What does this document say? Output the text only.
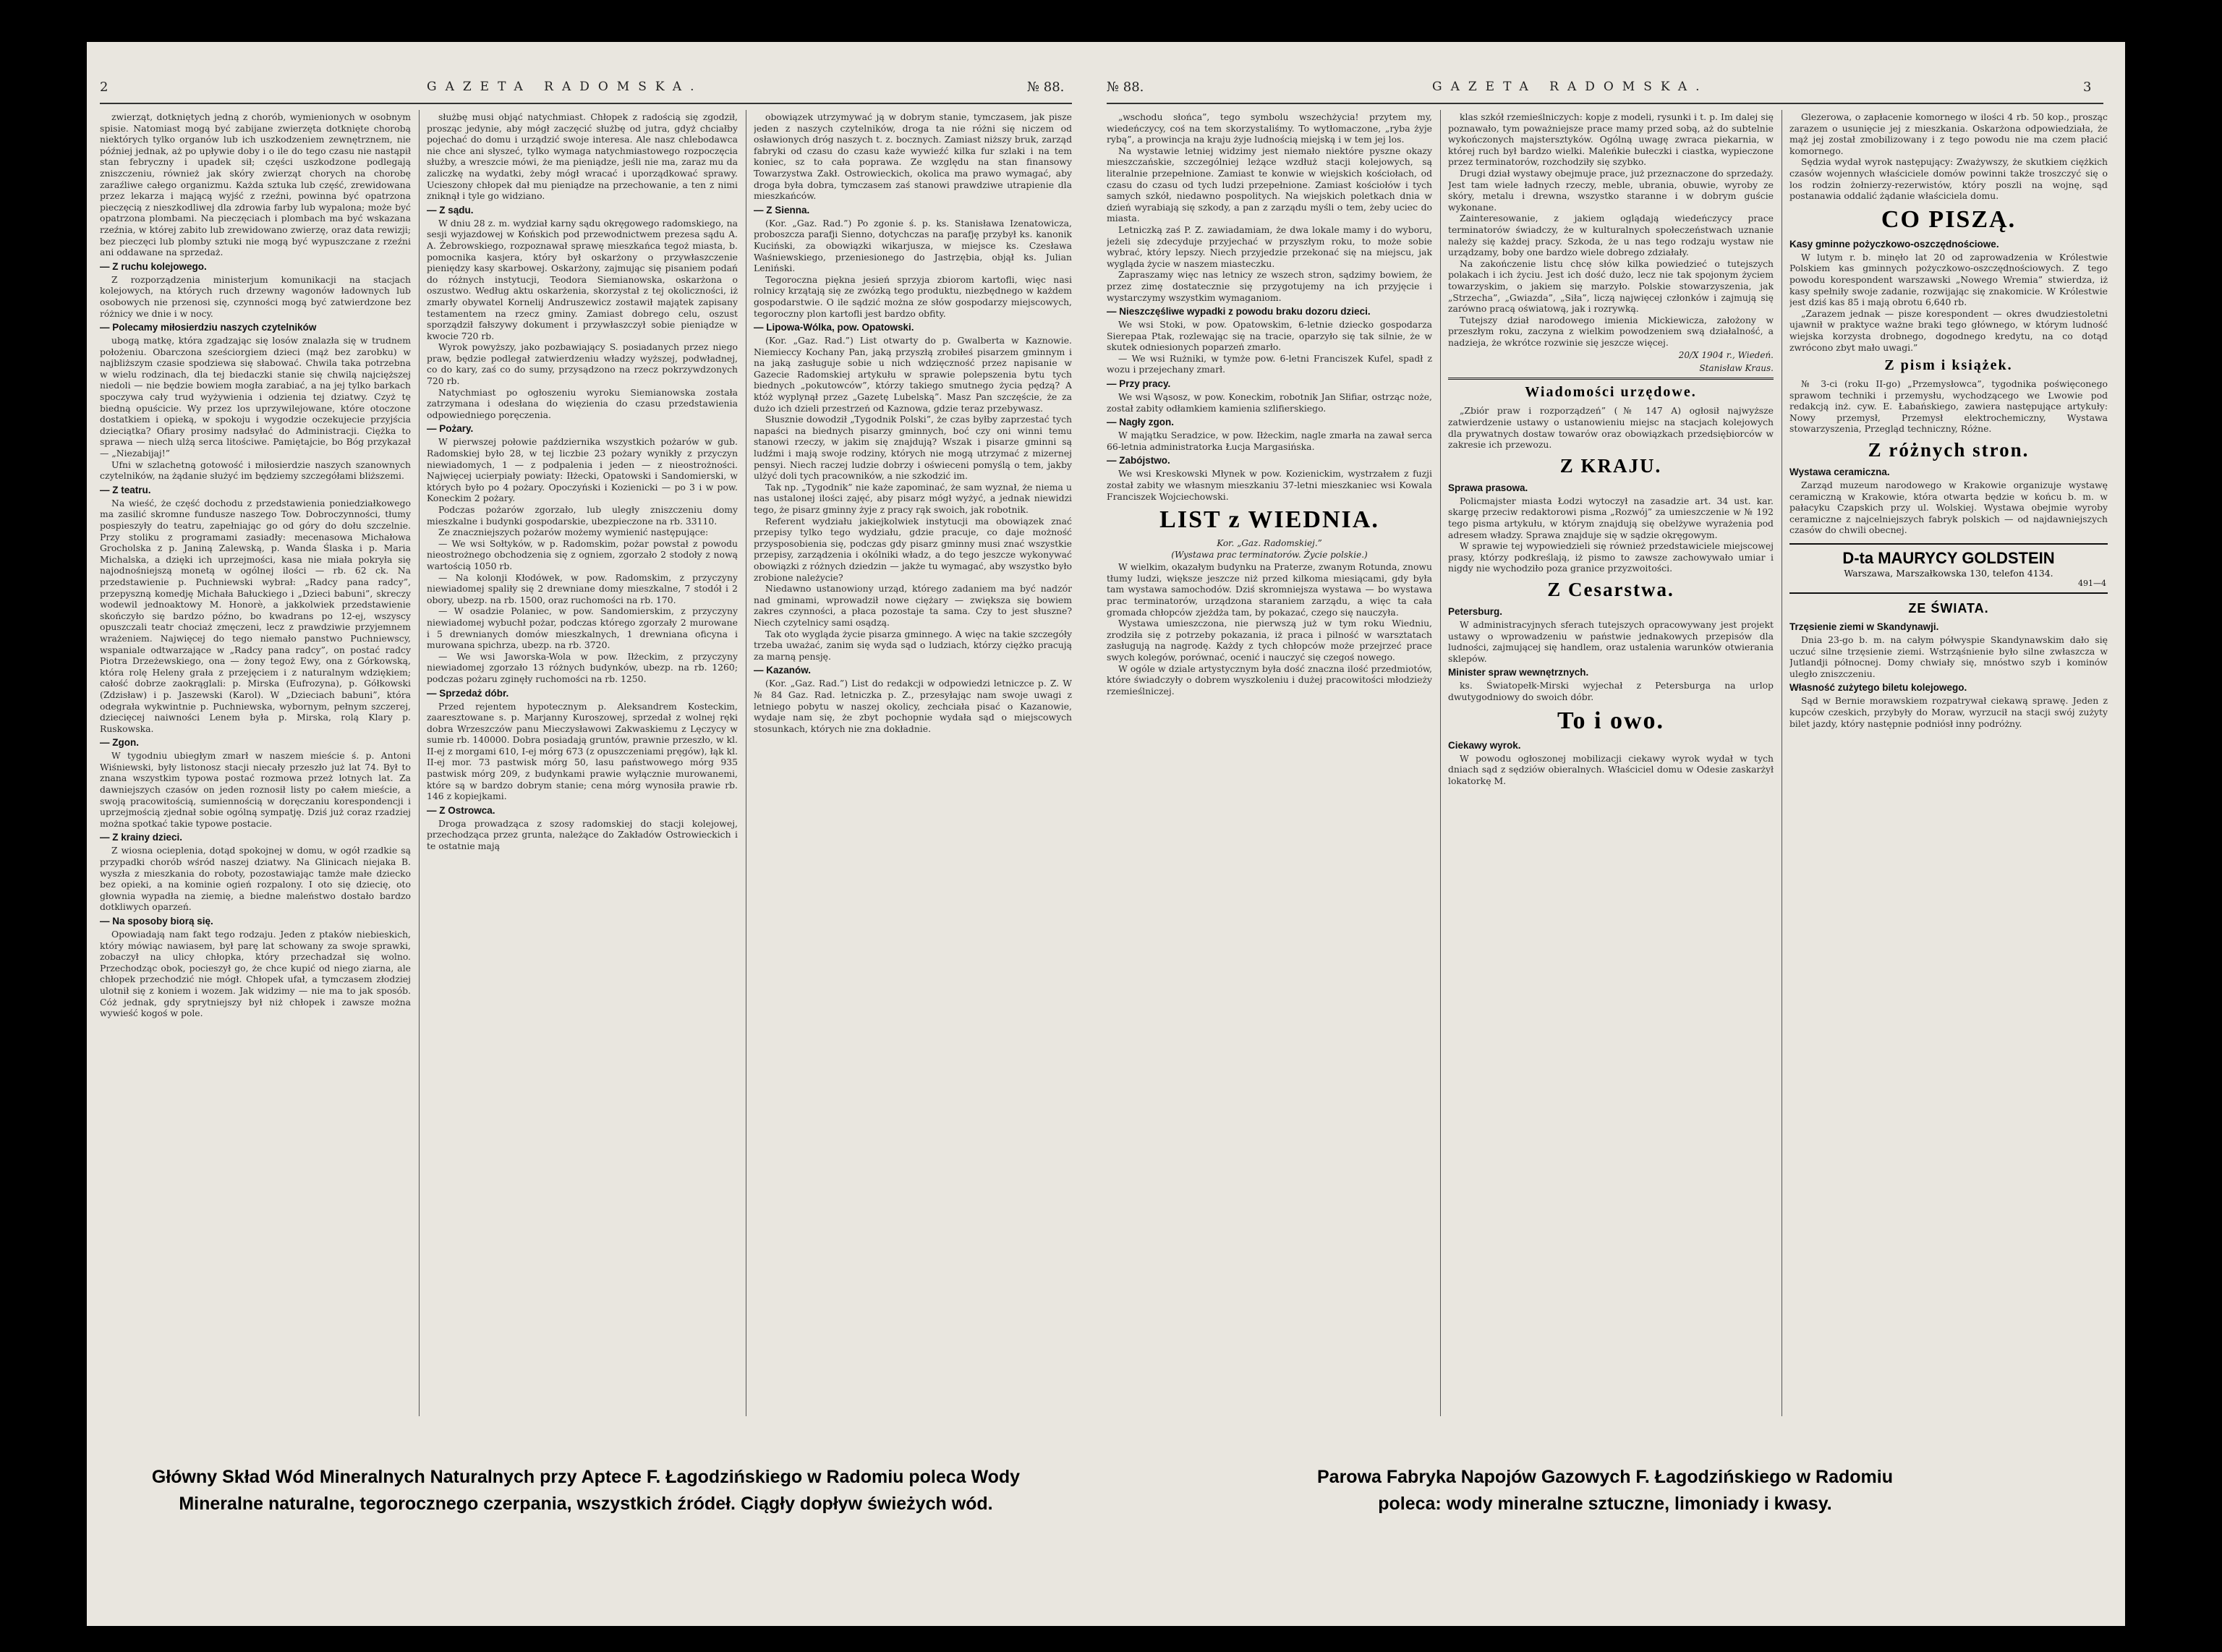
2	GAZETA RADOMSKA.	№ 88.

zwierząt, dotkniętych jedną z chorób, wymienionych w osobnym spisie. Natomiast mogą być zabijane zwierzęta dotknięte chorobą niektórych tylko organów lub ich uszkodzeniem zewnętrznem, nie później jednak, aż po upływie doby i o ile do tego czasu nie nastąpił stan febryczny i upadek sił; części uszkodzone podlegają zniszczeniu, również jak skóry zwierząt chorych na chorobę zaraźliwe całego organizmu. Każda sztuka lub część, zrewidowana przez lekarza i mającą wyjść z rzeźni, powinna być opatrzona pieczęcią z nieszkodliwej dla zdrowia farby lub wypalona; może być opatrzona plombami. Na pieczęciach i plombach ma być wskazana rzeźnia, w której zabito lub zrewidowano zwierzę, oraz data rewizji; bez pieczęci lub plomby sztuki nie mogą być wypuszczane z rzeźni ani oddawane na sprzedaż.

— Z ruchu kolejowego.

Z rozporządzenia ministerjum komunikacji na stacjach kolejowych, na których ruch drzewny wagonów ładownych lub osobowych nie przenosi się, czynności mogą być zatwierdzone bez różnicy we dnie i w nocy.

— Polecamy miłosierdziu naszych czytelników

ubogą matkę, która zgadzając się losów znalazła się w trudnem położeniu. Obarczona sześciorgiem dzieci (mąż bez zarobku) w najbliższym czasie spodziewa się słabować. Chwila taka potrzebna w wielu rodzinach, dla tej biedaczki stanie się chwilą najcięższej niedoli — nie będzie bowiem mogła zarabiać, a na jej tylko barkach spoczywa cały trud wyżywienia i odzienia tej dziatwy. Czyż tę biedną opuścicie. Wy przez los uprzywilejowane, które otoczone dostatkiem i opieką, w spokoju i wygodzie oczekujecie przyjścia dzieciątka? Ofiary prosimy nadsyłać do Administracji. Ciężka to sprawa — niech ulżą serca litościwe. Pamiętajcie, bo Bóg przykazał — „Niezabijaj!”

Ufni w szlachetną gotowość i miłosierdzie naszych szanownych czytelników, na żądanie służyć im będziemy szczegółami bliższemi.

— Z teatru.

Na wieść, że część dochodu z przedstawienia poniedziałkowego ma zasilić skromne fundusze naszego Tow. Dobroczynności, tłumy pospieszyły do teatru, zapełniając go od góry do dołu szczelnie. Przy stoliku z programami zasiadły: mecenasowa Michałowa Grocholska z p. Janiną Zalewską, p. Wanda Ślaska i p. Maria Michalska, a dzięki ich uprzejmości, kasa nie miała pokryła się najodnośniejszą monetą w ogólnej ilości — rb. 62 ck. Na przedstawienie p. Puchniewski wybrał: „Radcy pana radcy”, przepyszną komedję Michała Bałuckiego i „Dzieci babuni”, skreczy wodewil jednoaktowy M. Honorè, a jakkolwiek przedstawienie skończyło się bardzo późno, bo kwadrans po 12-ej, wszyscy opuszczali teatr chociaż zmęczeni, lecz z prawdziwie przyjemnem wrażeniem. Najwięcej do tego niemało panstwo Puchniewscy, wspaniale odtwarzające w „Radcy pana radcy”, on postać radcy Piotra Drzeżewskiego, ona — żony tegoż Ewy, ona z Górkowską, która rolę Heleny grała z przejęciem i z naturalnym wdziękiem; całość dobrze zaokrąglali: p. Mirska (Eufrozyna), p. Gółkowski (Zdzisław) i p. Jaszewski (Karol). W „Dzieciach babuni”, która odegrała wykwintnie p. Puchniewska, wybornym, pełnym szczerej, dziecięcej naiwności Lenem była p. Mirska, rolą Klary p. Ruskowska.

— Zgon.

W tygodniu ubiegłym zmarł w naszem mieście ś. p. Antoni Wiśniewski, były listonosz stacji niecały przeszło już lat 74. Był to znana wszystkim typowa postać rozmowa przeż lotnych lat. Za dawniejszych czasów on jeden roznosił listy po całem mieście, a swoją pracowitością, sumiennością w doręczaniu korespondencji i uprzejmością zjednał sobie ogólną sympatję. Dziś już coraz rzadziej można spotkać takie typowe postacie.

— Z krainy dzieci.

Z wiosna ocieplenia, dotąd spokojnej w domu, w ogół rzadkie są przypadki chorób wśród naszej dziatwy. Na Glinicach niejaka B. wyszła z mieszkania do roboty, pozostawiając tamże małe dziecko bez opieki, a na kominie ogień rozpalony. I oto się dziecię, oto głownia wypadła na ziemię, a biedne maleństwo dostało bardzo dotkliwych oparzeń.

— Na sposoby biorą się.

Opowiadają nam fakt tego rodzaju. Jeden z ptaków niebieskich, który mówiąc nawiasem, był parę lat schowany za swoje sprawki, zobaczył na ulicy chłopka, który przechadzał się wolno. Przechodząc obok, pocieszył go, że chce kupić od niego ziarna, ale chłopek przechodzić nie mógł. Chłopek ufał, a tymczasem złodziej ulotnił się z koniem i wozem. Jak widzimy — nie ma to jak sposób. Cóż jednak, gdy sprytniejszy był niż chłopek i zawsze można wywieść kogoś w pole.

służbę musi objąć natychmiast. Chłopek z radością się zgodził, prosząc jedynie, aby mógł zaczęcić służbę od jutra, gdyż chciałby pojechać do domu i urządzić swoje interesa. Ale nasz chlebodawca nie chce ani słyszeć, tylko wymaga natychmiastowego rozpoczęcia służby, a wreszcie mówi, że ma pieniądze, jeśli nie ma, zaraz mu da zaliczkę na wydatki, żeby mógł wracać i uporządkować sprawy. Ucieszony chłopek dał mu pieniądze na przechowanie, a ten z nimi zniknął i tyle go widziano.

— Z sądu.

W dniu 28 z. m. wydział karny sądu okręgowego radomskiego, na sesji wyjazdowej w Końskich pod przewodnictwem prezesa sądu A. A. Żebrowskiego, rozpoznawał sprawę mieszkańca tegoż miasta, b. pomocnika kasjera, który był oskarżony o przywłaszczenie pieniędzy kasy skarbowej. Oskarżony, zajmując się pisaniem podań do różnych instytucji, Teodora Siemianowska, oskarżona o oszustwo. Według aktu oskarżenia, skorzystał z tej okoliczności, iż zmarły obywatel Kornelij Andruszewicz zostawił majątek zapisany testamentem na rzecz gminy. Zamiast dobrego celu, oszust sporządził fałszywy dokument i przywłaszczył sobie pieniądze w kwocie 720 rb.

Wyrok powyższy, jako pozbawiający S. posiadanych przez niego praw, będzie podlegał zatwierdzeniu władzy wyższej, podwładnej, co do kary, zaś co do sumy, przysądzono na rzecz pokrzywdzonych 720 rb.

Natychmiast po ogłoszeniu wyroku Siemianowska została zatrzymana i odesłana do więzienia do czasu przedstawienia odpowiedniego poręczenia.

— Pożary.

W pierwszej połowie października wszystkich pożarów w gub. Radomskiej było 28, w tej liczbie 23 pożary wynikły z przyczyn niewiadomych, 1 — z podpalenia i jeden — z nieostrożności. Najwięcej ucierpiały powiaty: Iłżecki, Opatowski i Sandomierski, w których było po 4 pożary. Opoczyński i Kozienicki — po 3 i w pow. Koneckim 2 pożary.

Podczas pożarów zgorzało, lub uległy zniszczeniu domy mieszkalne i budynki gospodarskie, ubezpieczone na rb. 33110.

Ze znaczniejszych pożarów możemy wymienić następujące:

— We wsi Sołtyków, w p. Radomskim, pożar powstał z powodu nieostrożnego obchodzenia się z ogniem, zgorzało 2 stodoły z nową wartością 1050 rb.

— Na kolonji Kłodówek, w pow. Radomskim, z przyczyny niewiadomej spaliły się 2 drewniane domy mieszkalne, 7 stodół i 2 obory, ubezp. na rb. 1500, oraz ruchomości na rb. 170.

— W osadzie Polaniec, w pow. Sandomierskim, z przyczyny niewiadomej wybuchł pożar, podczas którego zgorzały 2 murowane i 5 drewnianych domów mieszkalnych, 1 drewniana oficyna i murowana spichrza, ubezp. na rb. 3720.

— We wsi Jaworska-Wola w pow. Iłżeckim, z przyczyny niewiadomej zgorzało 13 różnych budynków, ubezp. na rb. 1260; podczas pożaru zginęły ruchomości na rb. 1250.

— Sprzedaż dóbr.

Przed rejentem hypotecznym p. Aleksandrem Kosteckim, zaaresztowane s. p. Marjanny Kuroszowej, sprzedał z wolnej ręki dobra Wrzeszczów panu Mieczysławowi Zakwaskiemu z Lęczycy w sumie rb. 140000. Dobra posiadają gruntów, prawnie przeszło, w kl. II-ej z morgami 610, I-ej mórg 673 (z opuszczeniami pręgów), łąk kl. II-ej mor. 73 pastwisk mórg 50, lasu państwowego mórg 935 pastwisk mórg 209, z budynkami prawie wyłącznie murowanemi, które są w bardzo dobrym stanie; cena mórg wynosiła prawie rb. 146 z kopiejkami.

— Z Ostrowca.

Droga prowadząca z szosy radomskiej do stacji kolejowej, przechodząca przez grunta, należące do Zakładów Ostrowieckich i te ostatnie mają

obowiązek utrzymywać ją w dobrym stanie, tymczasem, jak pisze jeden z naszych czytelników, droga ta nie różni się niczem od osławionych dróg naszych t. z. bocznych. Zamiast niższy bruk, zarząd fabryki od czasu do czasu każe wywieźć kilka fur szlaki i na tem koniec, sz to cała poprawa. Ze względu na stan finansowy Towarzystwa Zakł. Ostrowieckich, okolica ma prawo wymagać, aby droga była dobra, tymczasem zaś stanowi prawdziwe utrapienie dla mieszkańców.

— Z Sienna.

(Kor. „Gaz. Rad.”) Po zgonie ś. p. ks. Stanisława Izenatowicza, proboszcza parafji Sienno, dotychczas na parafję przybył ks. kanonik Kuciński, za obowiązki wikarjusza, w miejsce ks. Czesława Waśniewskiego, przeniesionego do Jastrzębia, objął ks. Julian Leniński.

Tegoroczna piękna jesień sprzyja zbiorom kartofli, więc nasi rolnicy krzątają się ze zwózką tego produktu, niezbędnego w każdem gospodarstwie. O ile sądzić można ze słów gospodarzy miejscowych, tegoroczny plon kartofli jest bardzo obfity.

— Lipowa-Wólka, pow. Opatowski.

(Kor. „Gaz. Rad.”) List otwarty do p. Gwalberta w Kaznowie. Niemieccy Kochany Pan, jaką przyszłą zrobiłeś pisarzem gminnym i na jaką zasługuje sobie u nich wdzięczność przez napisanie w Gazecie Radomskiej artykułu w sprawie polepszenia bytu tych biednych „pokutowców”, którzy takiego smutnego życia pędzą? A któż wyplynął przez „Gazetę Lubelską”. Masz Pan szczęście, że za dużo ich dzieli przestrzeń od Kaznowa, gdzie teraz przebywasz.

Słusznie dowodził „Tygodnik Polski”, że czas byłby zaprzestać tych napaści na biednych pisarzy gminnych, boć czy oni winni temu stanowi rzeczy, w jakim się znajdują? Wszak i pisarze gminni są ludźmi i mają swoje rodziny, których nie mogą utrzymać z mizernej pensyi. Niech raczej ludzie dobrzy i oświeceni pomyślą o tem, jakby ulżyć doli tych pracowników, a nie szkodzić im.

Tak np. „Tygodnik” nie każe zapominać, że sam wyznał, że niema u nas ustalonej ilości zajęć, aby pisarz mógł wyżyć, a jednak niewidzi tego, że pisarz gminny żyje z pracy rąk swoich, jak robotnik.

Referent wydziału jakiejkolwiek instytucji ma obowiązek znać przepisy tylko tego wydziału, gdzie pracuje, co daje możność przysposobienia się, podczas gdy pisarz gminny musi znać wszystkie przepisy, zarządzenia i okólniki władz, a do tego jeszcze wykonywać obowiązki z różnych dziedzin — jakże tu wymagać, aby wszystko było zrobione należycie?

Niedawno ustanowiony urząd, którego zadaniem ma być nadzór nad gminami, wprowadził nowe ciężary — zwiększa się bowiem zakres czynności, a płaca pozostaje ta sama. Czy to jest słuszne? Niech czytelnicy sami osądzą.

Tak oto wygląda życie pisarza gminnego. A więc na takie szczegóły trzeba uważać, zanim się wyda sąd o ludziach, którzy ciężko pracują za marną pensję.

— Kazanów.

(Kor. „Gaz. Rad.”) List do redakcji w odpowiedzi letniczce p. Z. W № 84 Gaz. Rad. letniczka p. Z., przesyłając nam swoje uwagi z letniego pobytu w naszej okolicy, zechciała pisać o Kazanowie, wydaje nam się, że zbyt pochopnie wydała sąd o miejscowych stosunkach, których nie zna dokładnie.

Główny Skład Wód Mineralnych Naturalnych przy Aptece F. Łagodzińskiego w Radomiu poleca Wody
Mineralne naturalne, tegorocznego czerpania, wszystkich źródeł. Ciągły dopływ świeżych wód.
№ 88.	GAZETA RADOMSKA.	3

„wschodu słońca”, tego symbolu wszechżycia! przytem my, wiedeńczycy, coś na tem skorzystaliśmy. To wytłomaczone, „ryba żyje rybą”, a prowincja na kraju żyje ludnością miejską i w tem jej los.

Na wystawie letniej widzimy jest niemało niektóre pyszne okazy mieszczańskie, szczególniej leżące wzdłuż stacji kolejowych, są literalnie przepełnione. Zamiast te konwie w wiejskich kościołach, od czasu do czasu od tych ludzi przepełnione. Zamiast kościołów i tych samych szkół, niedawno pospolitych. Na wiejskich poletkach dnia w dzień wyrabiają się szkody, a pan z zarządu myśli o tem, żeby uciec do miasta.

Letniczką zaś P. Z. zawiadamiam, że dwa lokale mamy i do wyboru, jeżeli się zdecyduje przyjechać w przyszłym roku, to może sobie wybrać, który lepszy. Niech przyjedzie przekonać się na miejscu, jak wygląda życie w naszem miasteczku.

Zapraszamy więc nas letnicy ze wszech stron, sądzimy bowiem, że przez zimę dostatecznie się przygotujemy na ich przyjęcie i wystarczymy wszystkim wymaganiom.

— Nieszczęśliwe wypadki z powodu braku dozoru dzieci.

We wsi Stoki, w pow. Opatowskim, 6-letnie dziecko gospodarza Sierepaa Ptak, rozlewając się na tracie, oparzyło się tak silnie, że w skutek odniesionych poparzeń zmarło.

— We wsi Rużniki, w tymże pow. 6-letni Franciszek Kufel, spadł z wozu i przejechany zmarł.

— Przy pracy.

We wsi Wąsosz, w pow. Koneckim, robotnik Jan Słifiar, ostrząc noże, został zabity odłamkiem kamienia szlifierskiego.

— Nagły zgon.

W majątku Seradzice, w pow. Iłżeckim, nagle zmarła na zawał serca 66-letnia administratorka Łucja Margasińska.

— Zabójstwo.

We wsi Kreskowski Młynek w pow. Kozienickim, wystrzałem z fuzji został zabity we własnym mieszkaniu 37-letni mieszkaniec wsi Kowala Franciszek Wojciechowski.

LIST z WIEDNIA.
Kor. „Gaz. Radomskiej.”
(Wystawa prac terminatorów. Życie polskie.)

W wielkim, okazałym budynku na Praterze, zwanym Rotunda, znowu tłumy ludzi, większe jeszcze niż przed kilkoma miesiącami, gdy była tam wystawa samochodów. Dziś skromniejsza wystawa — bo wystawa prac terminatorów, urządzona staraniem zarządu, a więc ta cała gromada chłopców zjeżdża tam, by pokazać, czego się nauczyła.

Wystawa umieszczona, nie pierwszą już w tym roku Wiedniu, zrodziła się z potrzeby pokazania, iż praca i pilność w warsztatach zasługują na nagrodę. Każdy z tych chłopców może przejrzeć prace swych kolegów, porównać, ocenić i nauczyć się czegoś nowego.

W ogóle w dziale artystycznym była dość znaczna ilość przedmiotów, które świadczyły o dobrem wyszkoleniu i dużej pracowitości młodzieży rzemieślniczej.

klas szkół rzemieślniczych: kopje z modeli, rysunki i t. p. Im dalej się poznawało, tym poważniejsze prace mamy przed sobą, aż do subtelnie wykończonych majstersztyków. Ogólną uwagę zwraca piekarnia, w której ruch był bardzo wielki. Maleńkie bułeczki i ciastka, wypieczone przez terminatorów, rozchodziły się szybko.

Drugi dział wystawy obejmuje prace, już przeznaczone do sprzedaży. Jest tam wiele ładnych rzeczy, meble, ubrania, obuwie, wyroby ze skóry, metalu i drewna, wszystko staranne i w dobrym guście wykonane.

Zainteresowanie, z jakiem oglądają wiedeńczycy prace terminatorów świadczy, że w kulturalnych społeczeństwach uznanie należy się każdej pracy. Szkoda, że u nas tego rodzaju wystaw nie urządzamy, boby one bardzo wiele dobrego zdziałały.

Na zakończenie listu chcę słów kilka powiedzieć o tutejszych polakach i ich życiu. Jest ich dość dużo, lecz nie tak spojonym życiem towarzyskim, o jakiem się marzyło. Polskie stowarzyszenia, jak „Strzecha”, „Gwiazda”, „Siła”, liczą najwięcej członków i zajmują się zarówno pracą oświatową, jak i rozrywką.

Tutejszy dział narodowego imienia Mickiewicza, założony w przeszłym roku, zaczyna z wielkim powodzeniem swą działalność, a nadzieja, że wkrótce rozwinie się jeszcze więcej.

20/X 1904 r., Wiedeń.
Stanisław Kraus.
Wiadomości urzędowe.

„Zbiór praw i rozporządzeń” (№ 147 A) ogłosił najwyższe zatwierdzenie ustawy o ustanowieniu miejsc na stacjach kolejowych dla prywatnych dostaw towarów oraz obowiązkach przedsiębiorców w zakresie ich przewozu.

Z KRAJU.
Sprawa prasowa.

Policmajster miasta Łodzi wytoczył na zasadzie art. 34 ust. kar. skargę przeciw redaktorowi pisma „Rozwój” za umieszczenie w № 192 tego pisma artykułu, w którym znajdują się obelżywe wyrażenia pod adresem władzy. Sprawa znajduje się w sądzie okręgowym.

W sprawie tej wypowiedzieli się również przedstawiciele miejscowej prasy, którzy podkreślają, iż pismo to zawsze zachowywało umiar i nigdy nie wychodziło poza granice przyzwoitości.

Z Cesarstwa.
Petersburg.

W administracyjnych sferach tutejszych opracowywany jest projekt ustawy o wprowadzeniu w państwie jednakowych przepisów dla ludności, zajmującej się handlem, oraz ustalenia warunków otwierania sklepów.

Minister spraw wewnętrznych.

ks. Światopełk-Mirski wyjechał z Petersburga na urlop dwutygodniowy do swoich dóbr.

To i owo.
Ciekawy wyrok.

W powodu ogłoszonej mobilizacji ciekawy wyrok wydał w tych dniach sąd z sędziów obieralnych. Właściciel domu w Odesie zaskarżył lokatorkę M.

Glezerowa, o zapłacenie komornego w ilości 4 rb. 50 kop., prosząc zarazem o usunięcie jej z mieszkania. Oskarżona odpowiedziała, że mąż jej został zmobilizowany i z tego powodu nie ma czem płacić komornego.

Sędzia wydał wyrok następujący: Zważywszy, że skutkiem ciężkich czasów wojennych właściciele domów powinni także troszczyć się o los rodzin żołnierzy-rezerwistów, który poszli na wojnę, sąd postanawia oddalić żądanie właściciela domu.

CO PISZĄ.
Kasy gminne pożyczkowo-oszczędnościowe.

W lutym r. b. minęło lat 20 od zaprowadzenia w Królestwie Polskiem kas gminnych pożyczkowo-oszczędnościowych. Z tego powodu korespondent warszawski „Nowego Wremia” stwierdza, iż kasy spełniły swoje zadanie, rozwijając się znakomicie. W Królestwie jest dziś kas 85 i mają obrotu 6,640 rb.

„Zarazem jednak — pisze korespondent — okres dwudziestoletni ujawnił w praktyce ważne braki tego głównego, w którym ludność wiejska korzysta drobnego, dogodnego kredytu, na co dotąd zwrócono zbyt mało uwagi.”

Z pism i książek.

№ 3-ci (roku II-go) „Przemysłowca”, tygodnika poświęconego sprawom techniki i przemysłu, wychodzącego we Lwowie pod redakcją inż. cyw. E. Łabańskiego, zawiera następujące artykuły: Nowy przemysł, Przemysł elektrochemiczny, Wystawa stowarzyszenia, Przegląd techniczny, Różne.

Z różnych stron.
Wystawa ceramiczna.

Zarząd muzeum narodowego w Krakowie organizuje wystawę ceramiczną w Krakowie, która otwarta będzie w końcu b. m. w pałacyku Czapskich przy ul. Wolskiej. Wystawa obejmie wyroby ceramiczne z najcelniejszych fabryk polskich — od najdawniejszych czasów do chwili obecnej.

D-ta MAURYCY GOLDSTEIN
Warszawa, Marszałkowska 130, telefon 4134.
491—4
ZE ŚWIATA.
Trzęsienie ziemi w Skandynawji.

Dnia 23-go b. m. na całym półwyspie Skandynawskim dało się uczuć silne trzęsienie ziemi. Wstrząśnienie było silne zwłaszcza w Jutlandji północnej. Domy chwiały się, mnóstwo szyb i kominów uległo zniszczeniu.

Własność zużytego biletu kolejowego.

Sąd w Bernie morawskiem rozpatrywał ciekawą sprawę. Jeden z kupców czeskich, przybyły do Moraw, wyrzucił na stacji swój zużyty bilet jazdy, który następnie podniósł inny podróżny.

Parowa Fabryka Napojów Gazowych F. Łagodzińskiego w Radomiu
poleca: wody mineralne sztuczne, limoniady i kwasy.
